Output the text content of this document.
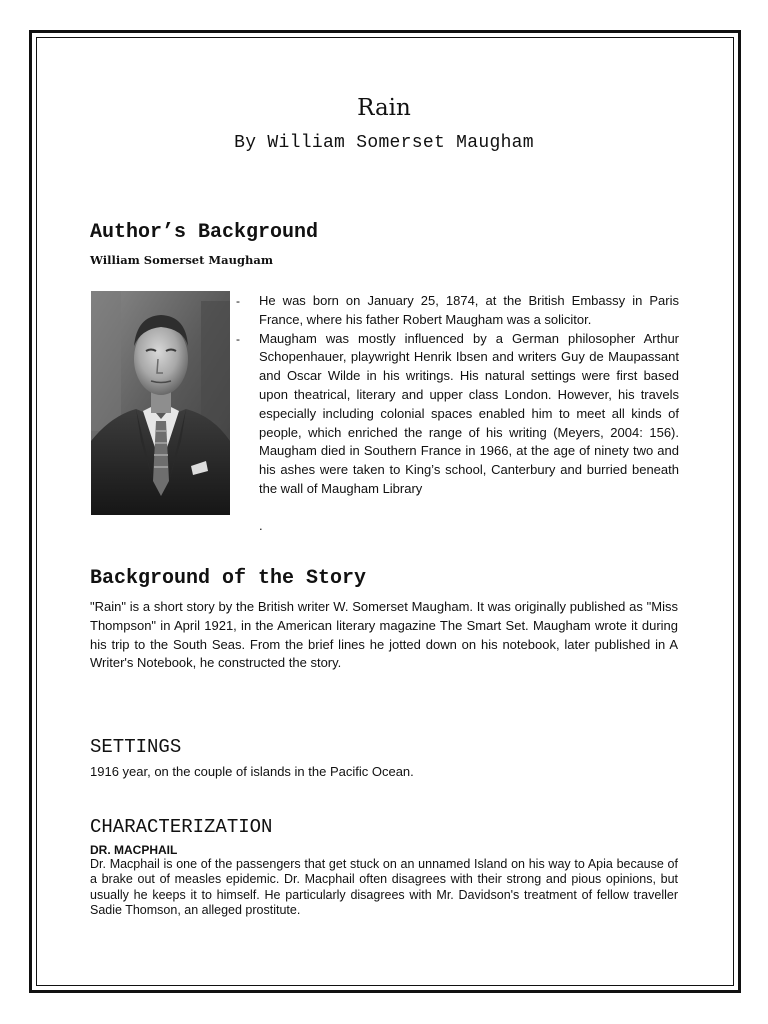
Rain
By William Somerset Maugham
Author’s Background
William Somerset Maugham
- He was born on January 25, 1874, at the British Embassy in Paris France, where his father Robert Maugham was a solicitor.
- Maugham was mostly influenced by a German philosopher Arthur Schopenhauer, playwright Henrik Ibsen and writers Guy de Maupassant and Oscar Wilde in his writings. His natural settings were first based upon theatrical, literary and upper class London. However, his travels especially including colonial spaces enabled him to meet all kinds of people, which enriched the range of his writing (Meyers, 2004: 156). Maugham died in Southern France in 1966, at the age of ninety two and his ashes were taken to King’s school, Canterbury and burried beneath the wall of Maugham Library
.
Background of the Story

"Rain" is a short story by the British writer W. Somerset Maugham. It was originally published as "Miss Thompson" in April 1921, in the American literary magazine The Smart Set. Maugham wrote it during his trip to the South Seas. From the brief lines he jotted down on his notebook, later published in A Writer's Notebook, he constructed the story.

SETTINGS

1916 year, on the couple of islands in the Pacific Ocean.

CHARACTERIZATION
DR. MACPHAIL

Dr. Macphail is one of the passengers that get stuck on an unnamed Island on his way to Apia because of a brake out of measles epidemic. Dr. Macphail often disagrees with their strong and pious opinions, but usually he keeps it to himself. He particularly disagrees with Mr. Davidson's treatment of fellow traveller Sadie Thomson, an alleged prostitute.
